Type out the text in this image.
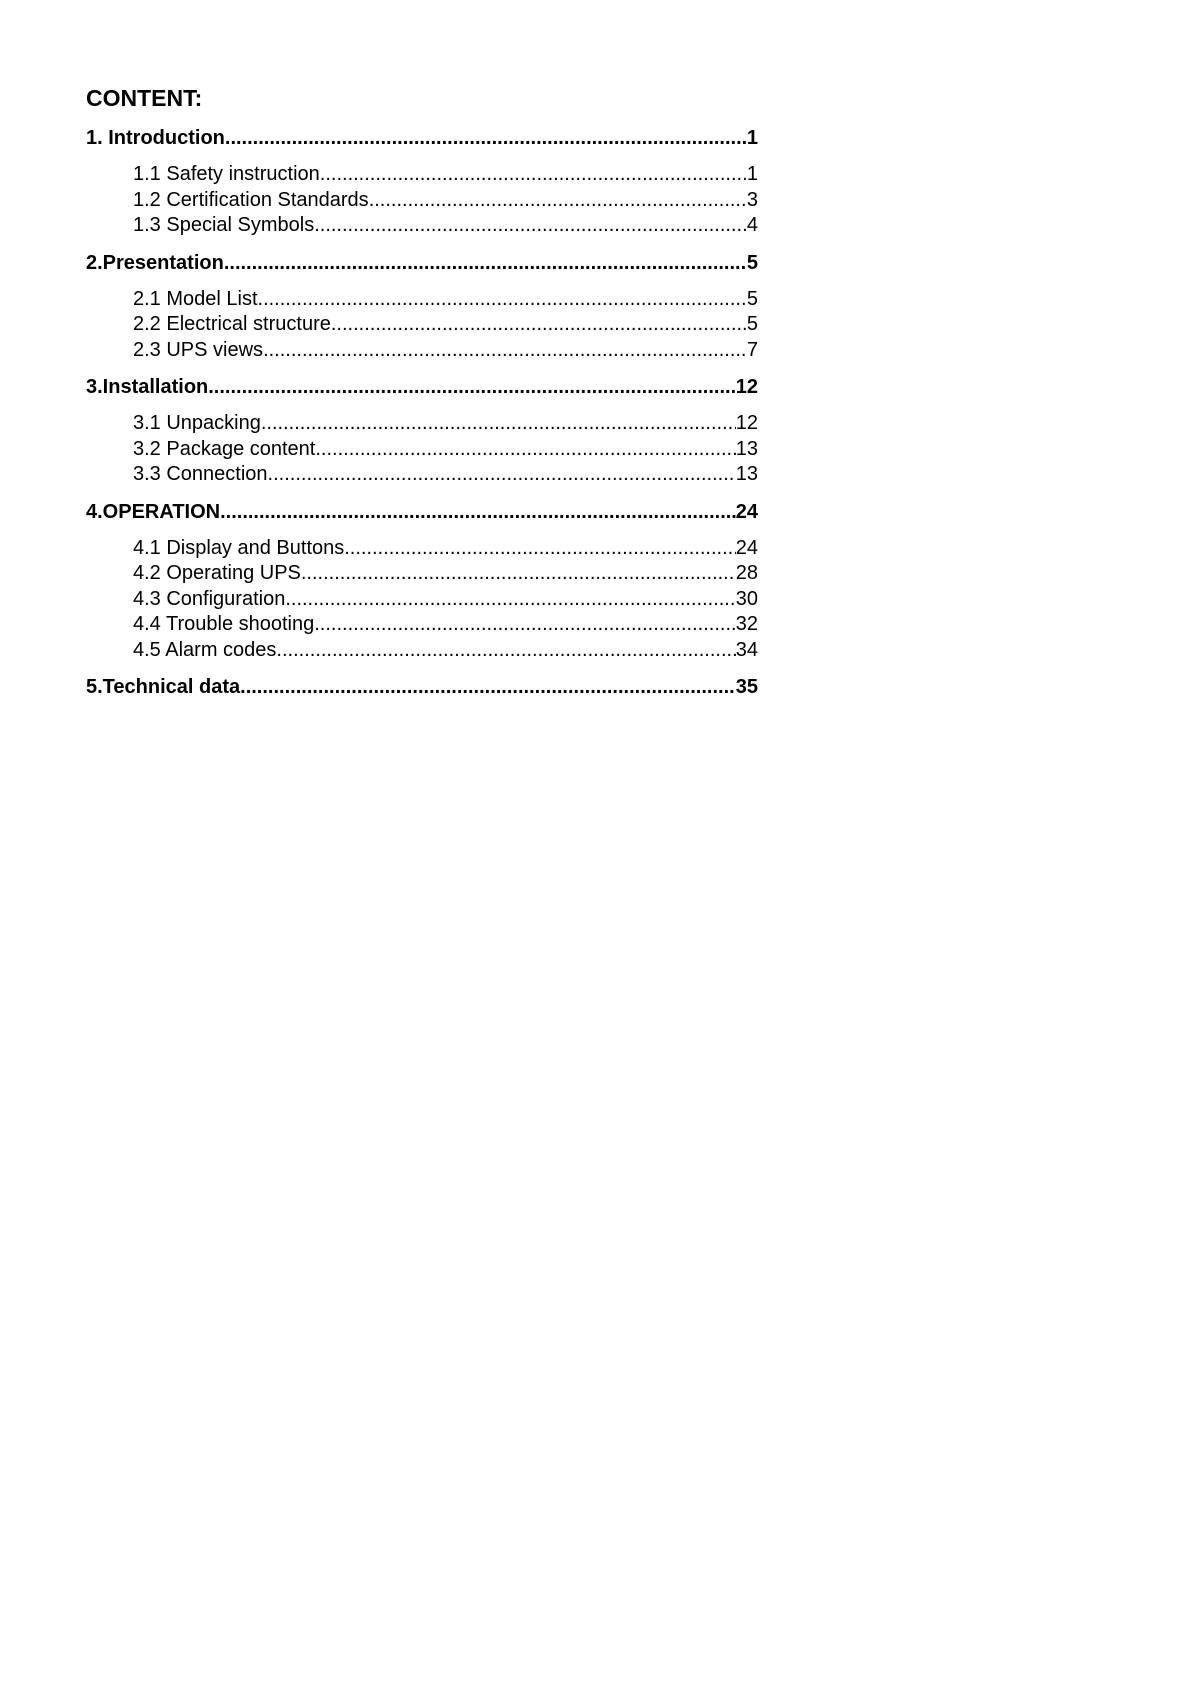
CONTENT:
1. Introduction .....	1
1.1 Safety instruction .....	1
1.2 Certification Standards .....	3
1.3 Special Symbols .....	4
2.Presentation .....	5
2.1 Model List .....	5
2.2 Electrical structure .....	5
2.3 UPS views .....	7
3.Installation .....	12
3.1 Unpacking .....	12
3.2 Package content .....	13
3.3 Connection .....	13
4.OPERATION .....	24
4.1 Display and Buttons .....	24
4.2 Operating UPS .....	28
4.3 Configuration .....	30
4.4 Trouble shooting .....	32
4.5 Alarm codes .....	34
5.Technical data .....	35
